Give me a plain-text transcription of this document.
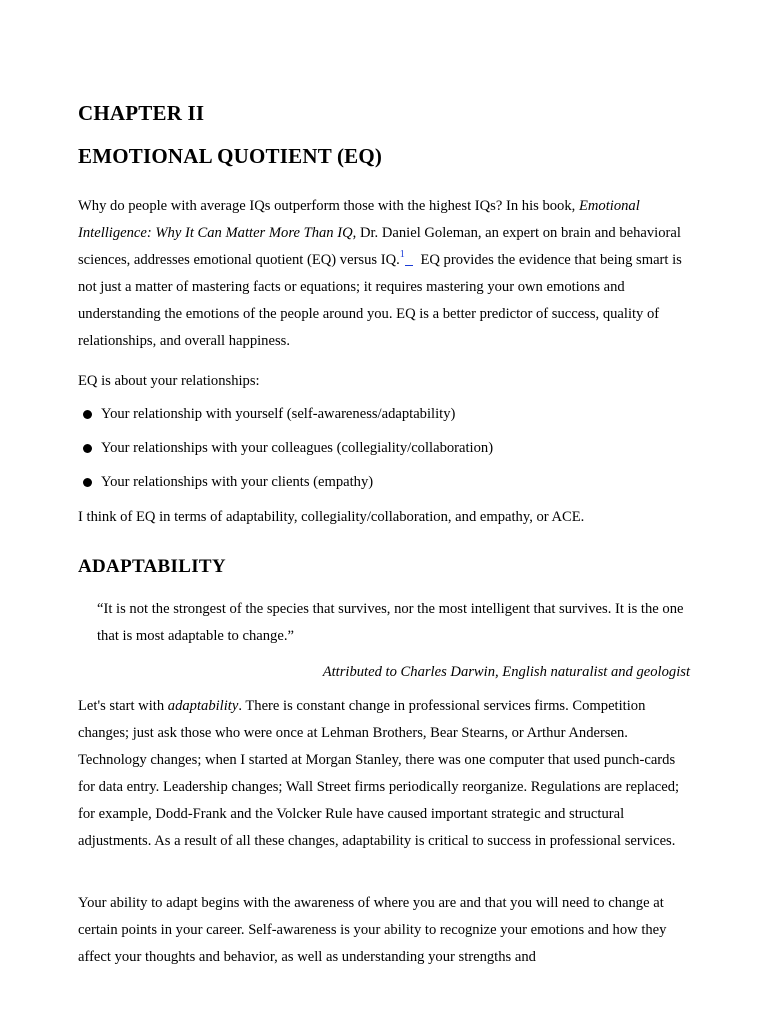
CHAPTER II
EMOTIONAL QUOTIENT (EQ)

Why do people with average IQs outperform those with the highest IQs? In his book, Emotional Intelligence: Why It Can Matter More Than IQ, Dr. Daniel Goleman, an expert on brain and behavioral sciences, addresses emotional quotient (EQ) versus IQ.$^1$ EQ provides the evidence that being smart is not just a matter of mastering facts or equations; it requires mastering your own emotions and understanding the emotions of the people around you. EQ is a better predictor of success, quality of relationships, and overall happiness.

EQ is about your relationships:

Your relationship with yourself (self-awareness/adaptability)
Your relationships with your colleagues (collegiality/collaboration)
Your relationships with your clients (empathy)

I think of EQ in terms of adaptability, collegiality/collaboration, and empathy, or ACE.

ADAPTABILITY

“It is not the strongest of the species that survives, nor the most intelligent that survives. It is the one that is most adaptable to change.”

Attributed to Charles Darwin, English naturalist and geologist

Let's start with adaptability. There is constant change in professional services firms. Competition changes; just ask those who were once at Lehman Brothers, Bear Stearns, or Arthur Andersen. Technology changes; when I started at Morgan Stanley, there was one computer that used punch-cards for data entry. Leadership changes; Wall Street firms periodically reorganize. Regulations are replaced; for example, Dodd-Frank and the Volcker Rule have caused important strategic and structural adjustments. As a result of all these changes, adaptability is critical to success in professional services.

Your ability to adapt begins with the awareness of where you are and that you will need to change at certain points in your career. Self-awareness is your ability to recognize your emotions and how they affect your thoughts and behavior, as well as understanding your strengths and
